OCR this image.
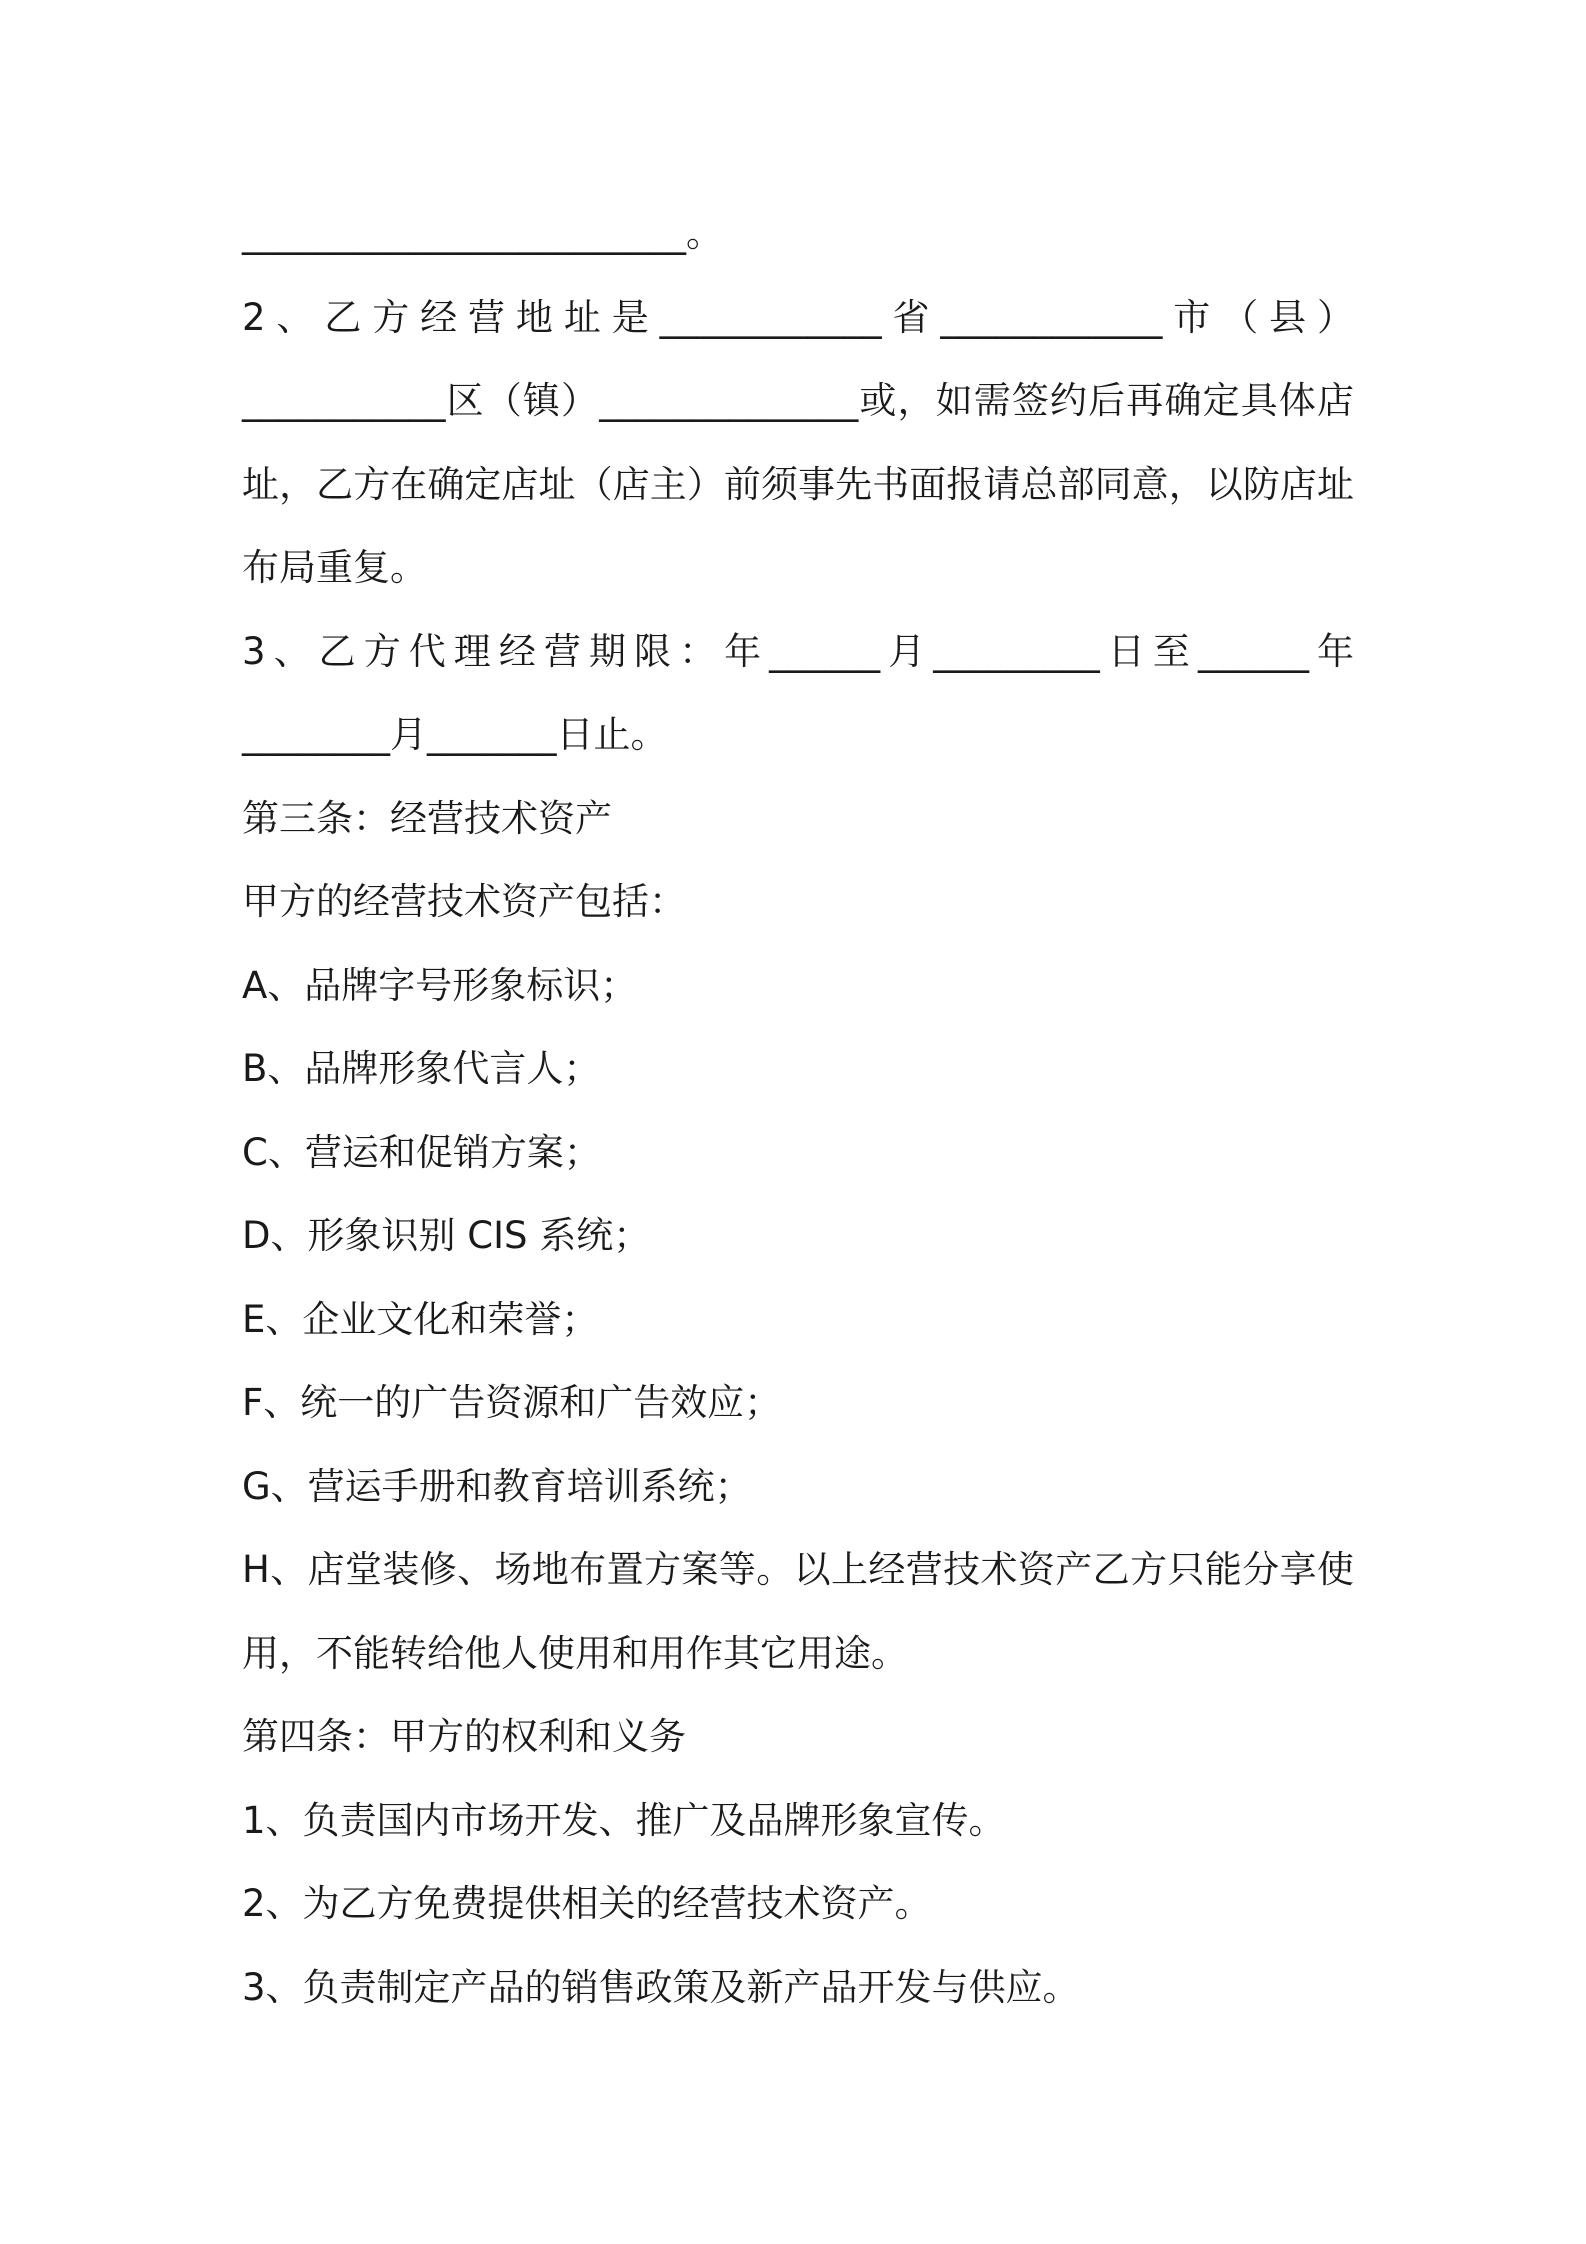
________________________。

2、乙方经营地址是____________省____________市（县）

___________区（镇）______________或，如需签约后再确定具体店

址，乙方在确定店址（店主）前须事先书面报请总部同意，以防店址

布局重复。

3、乙方代理经营期限：年______月_________日至______年

________月_______日止。

第三条：经营技术资产

甲方的经营技术资产包括：

A、品牌字号形象标识；

B、品牌形象代言人；

C、营运和促销方案；

D、形象识别 CIS 系统；

E、企业文化和荣誉；

F、统一的广告资源和广告效应；

G、营运手册和教育培训系统；

H、店堂装修、场地布置方案等。以上经营技术资产乙方只能分享使

用，不能转给他人使用和用作其它用途。

第四条：甲方的权利和义务

1、负责国内市场开发、推广及品牌形象宣传。

2、为乙方免费提供相关的经营技术资产。

3、负责制定产品的销售政策及新产品开发与供应。
